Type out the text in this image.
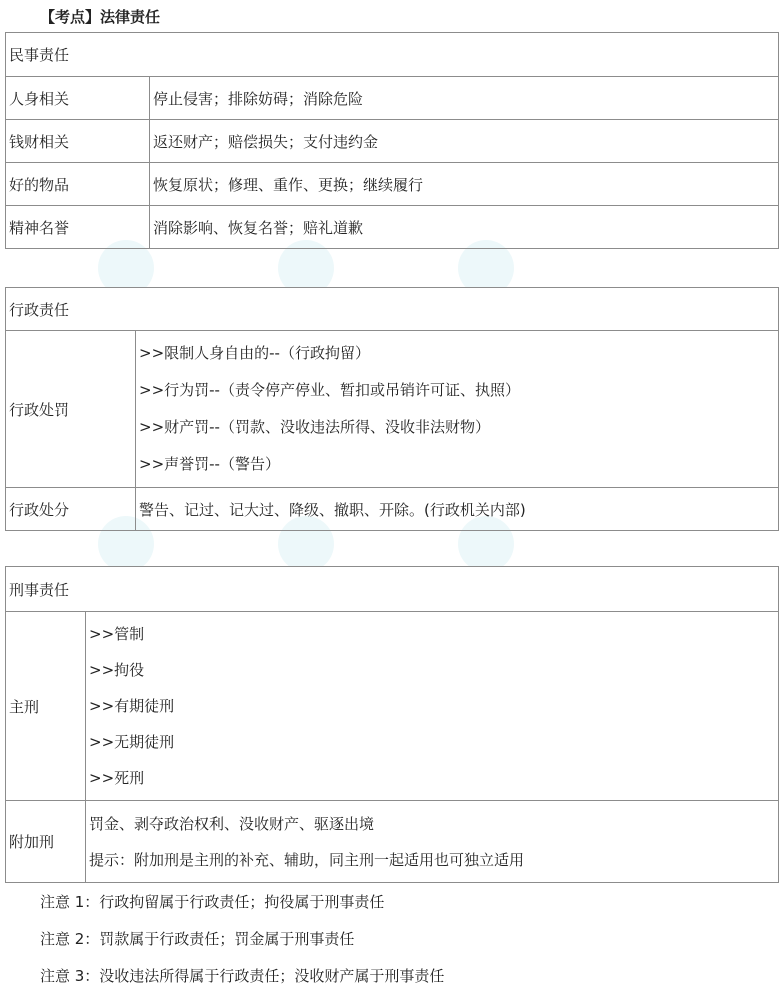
【考点】法律责任
民事责任	
人身相关	停止侵害；排除妨碍；消除危险
钱财相关	返还财产；赔偿损失；支付违约金
好的物品	恢复原状；修理、重作、更换；继续履行
精神名誉	消除影响、恢复名誉；赔礼道歉
行政责任	
行政处罚	>>限制人身自由的--（行政拘留）
>>行为罚--（责令停产停业、暂扣或吊销许可证、执照）
>>财产罚--（罚款、没收违法所得、没收非法财物）
>>声誉罚--（警告）

行政处分	警告、记过、记大过、降级、撤职、开除。(行政机关内部)
刑事责任	
主刑	>>管制
>>拘役
>>有期徒刑
>>无期徒刑
>>死刑

附加刑	罚金、剥夺政治权利、没收财产、驱逐出境
提示：附加刑是主刑的补充、辅助，同主刑一起适用也可独立适用
注意 1：行政拘留属于行政责任；拘役属于刑事责任
注意 2：罚款属于行政责任；罚金属于刑事责任
注意 3：没收违法所得属于行政责任；没收财产属于刑事责任
